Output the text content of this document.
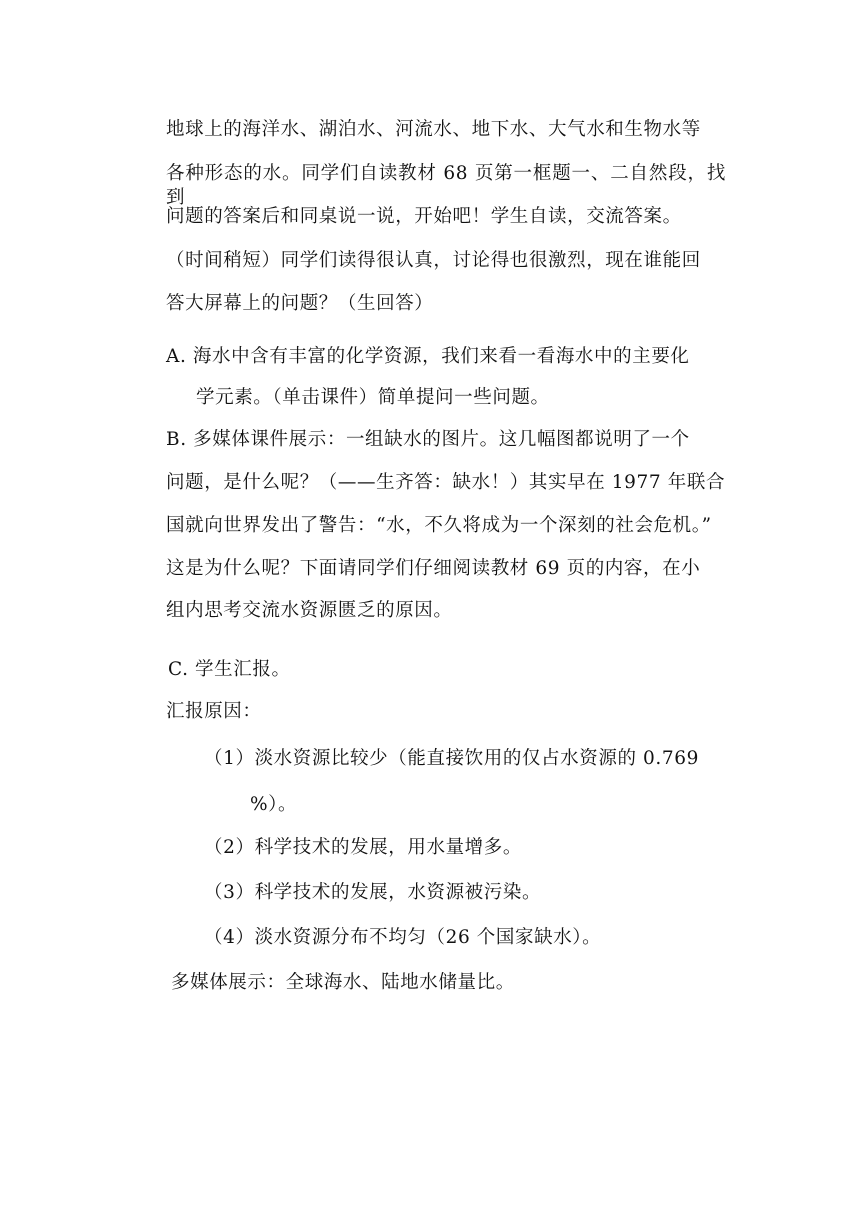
地球上的海洋水、湖泊水、河流水、地下水、大气水和生物水等
各种形态的水。同学们自读教材 68 页第一框题一、二自然段，找到
问题的答案后和同桌说一说，开始吧！学生自读，交流答案。
（时间稍短）同学们读得很认真，讨论得也很激烈，现在谁能回
答大屏幕上的问题？（生回答）
A. 海水中含有丰富的化学资源，我们来看一看海水中的主要化
学元素。（单击课件）简单提问一些问题。
B. 多媒体课件展示：一组缺水的图片。这几幅图都说明了一个
问题，是什么呢？（——生齐答：缺水！）其实早在 1977 年联合
国就向世界发出了警告：“水，不久将成为一个深刻的社会危机。”
这是为什么呢？下面请同学们仔细阅读教材 69 页的内容，在小
组内思考交流水资源匮乏的原因。
C. 学生汇报。
汇报原因：
（1）淡水资源比较少（能直接饮用的仅占水资源的 0.769
%）。
（2）科学技术的发展，用水量增多。
（3）科学技术的发展，水资源被污染。
（4）淡水资源分布不均匀（26 个国家缺水）。
多媒体展示：全球海水、陆地水储量比。
